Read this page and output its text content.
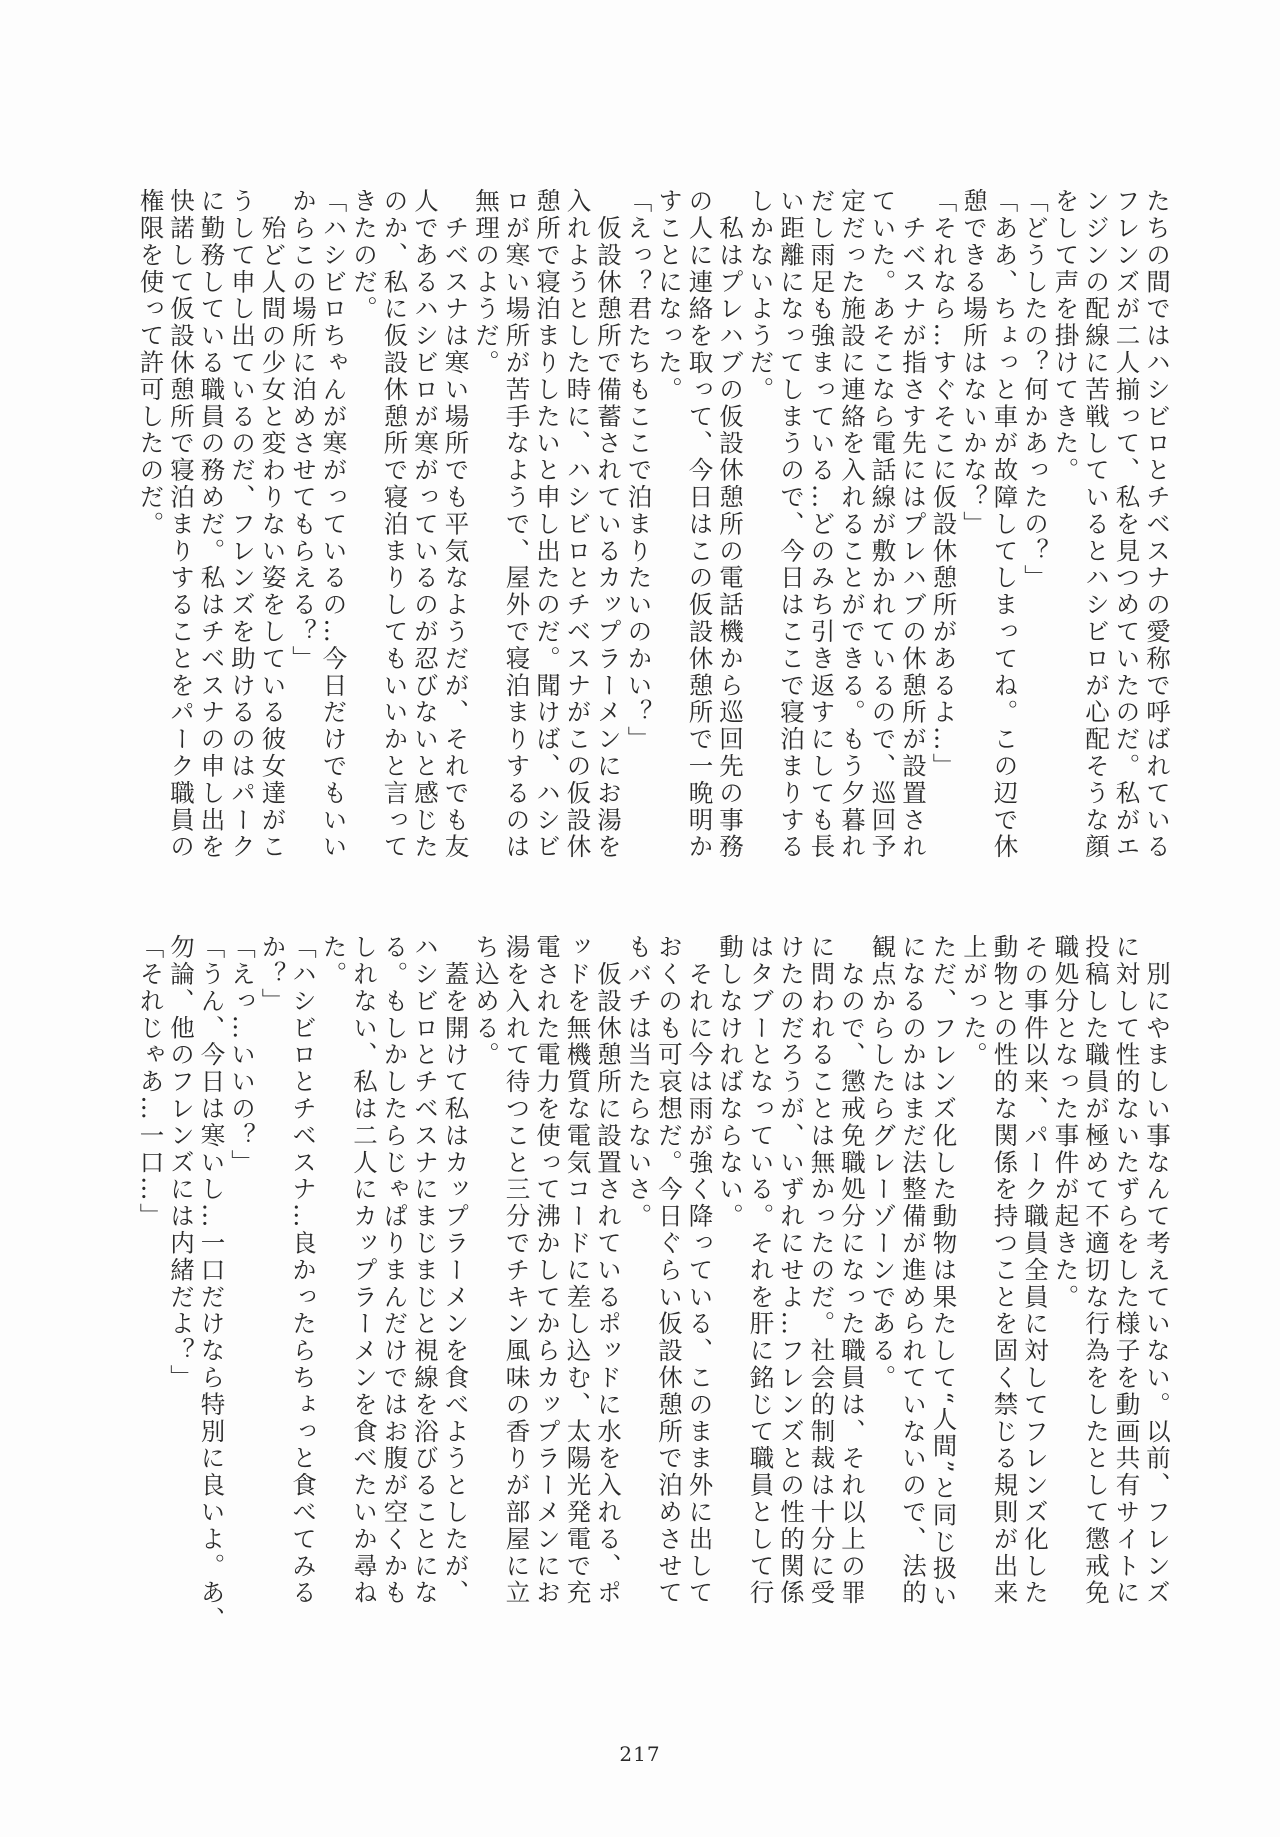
たちの間ではハシビロとチベスナの愛称で呼ばれている
フレンズが二人揃って、私を見つめていたのだ。私がエ
ンジンの配線に苦戦しているとハシビロが心配そうな顔
をして声を掛けてきた。
「どうしたの？何かあったの？」
「ああ、ちょっと車が故障してしまってね。この辺で休
憩できる場所はないかな？」
「それなら…すぐそこに仮設休憩所があるよ…」
　チベスナが指さす先にはプレハブの休憩所が設置され
ていた。あそこなら電話線が敷かれているので、巡回予
定だった施設に連絡を入れることができる。もう夕暮れ
だし雨足も強まっている…どのみち引き返すにしても長
い距離になってしまうので、今日はここで寝泊まりする
しかないようだ。
　私はプレハブの仮設休憩所の電話機から巡回先の事務
の人に連絡を取って、今日はこの仮設休憩所で一晩明か
すことになった。
「えっ？君たちもここで泊まりたいのかい？」
　仮設休憩所で備蓄されているカップラーメンにお湯を
入れようとした時に、ハシビロとチベスナがこの仮設休
憩所で寝泊まりしたいと申し出たのだ。聞けば、ハシビ
ロが寒い場所が苦手なようで、屋外で寝泊まりするのは
無理のようだ。
　チベスナは寒い場所でも平気なようだが、それでも友
人であるハシビロが寒がっているのが忍びないと感じた
のか、私に仮設休憩所で寝泊まりしてもいいかと言って
きたのだ。
「ハシビロちゃんが寒がっているの…今日だけでもいい
からこの場所に泊めさせてもらえる？」
　殆ど人間の少女と変わりない姿をしている彼女達がこ
うして申し出ているのだ、フレンズを助けるのはパーク
に勤務している職員の務めだ。私はチベスナの申し出を
快諾して仮設休憩所で寝泊まりすることをパーク職員の
権限を使って許可したのだ。
　別にやましい事なんて考えていない。以前、フレンズ
に対して性的ないたずらをした様子を動画共有サイトに
投稿した職員が極めて不適切な行為をしたとして懲戒免
職処分となった事件が起きた。
その事件以来、パーク職員全員に対してフレンズ化した
動物との性的な関係を持つことを固く禁じる規則が出来
上がった。
ただ、フレンズ化した動物は果たして“人間”と同じ扱い
になるのかはまだ法整備が進められていないので、法的
観点からしたらグレーゾーンである。
　なので、懲戒免職処分になった職員は、それ以上の罪
に問われることは無かったのだ。社会的制裁は十分に受
けたのだろうが、いずれにせよ…フレンズとの性的関係
はタブーとなっている。それを肝に銘じて職員として行
動しなければならない。
　それに今は雨が強く降っている、このまま外に出して
おくのも可哀想だ。今日ぐらい仮設休憩所で泊めさせて
もバチは当たらないさ。
　仮設休憩所に設置されているポッドに水を入れる、ポ
ッドを無機質な電気コードに差し込む、太陽光発電で充
電された電力を使って沸かしてからカップラーメンにお
湯を入れて待つこと三分でチキン風味の香りが部屋に立
ち込める。
　蓋を開けて私はカップラーメンを食べようとしたが、
ハシビロとチベスナにまじまじと視線を浴びることにな
る。もしかしたらじゃぱりまんだけではお腹が空くかも
しれない、私は二人にカップラーメンを食べたいか尋ね
た。
「ハシビロとチベスナ…良かったらちょっと食べてみる
か？」
「えっ…いいの？」
「うん、今日は寒いし…一口だけなら特別に良いよ。あ、
勿論、他のフレンズには内緒だよ？」
「それじゃあ…一口…」
217
